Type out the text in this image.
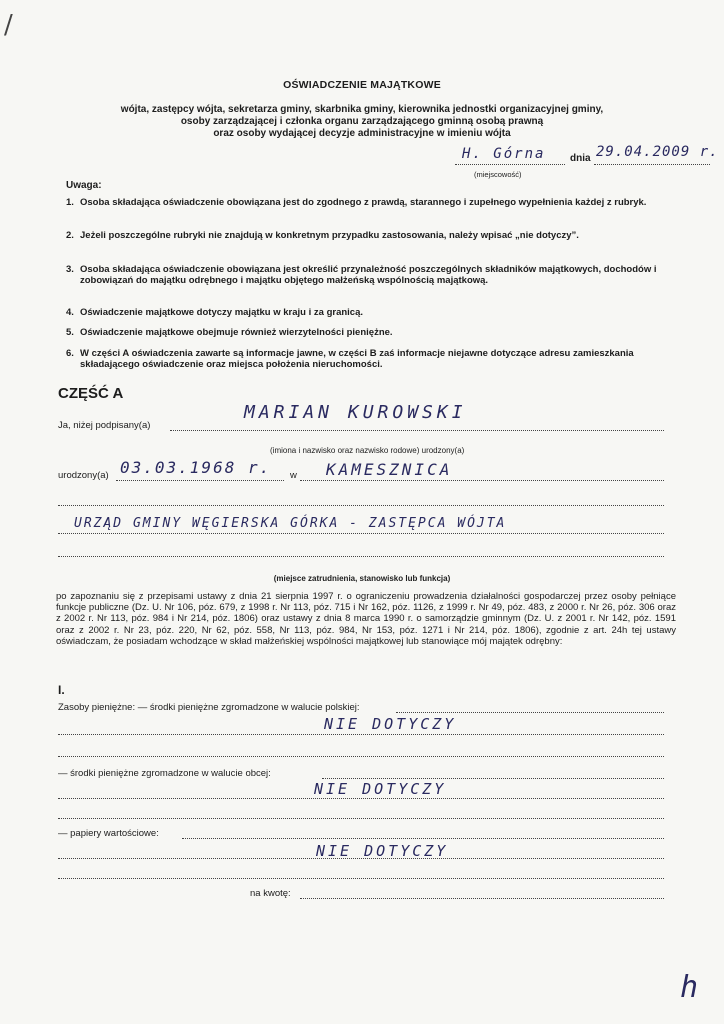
/
OŚWIADCZENIE MAJĄTKOWE
wójta, zastępcy wójta, sekretarza gminy, skarbnika gminy, kierownika jednostki organizacyjnej gminy,
osoby zarządzającej i członka organu zarządzającego gminną osobą prawną
oraz osoby wydającej decyzje administracyjne w imieniu wójta
H. Górna dnia 29.04.2009 r.
(miejscowość)
Uwaga:
1. Osoba składająca oświadczenie obowiązana jest do zgodnego z prawdą, starannego i zupełnego wypełnienia każdej z rubryk.
2. Jeżeli poszczególne rubryki nie znajdują w konkretnym przypadku zastosowania, należy wpisać „nie dotyczy”.
3. Osoba składająca oświadczenie obowiązana jest określić przynależność poszczególnych składników majątkowych, dochodów i zobowiązań do majątku odrębnego i majątku objętego małżeńską wspólnością majątkową.
4. Oświadczenie majątkowe dotyczy majątku w kraju i za granicą.
5. Oświadczenie majątkowe obejmuje również wierzytelności pieniężne.
6. W części A oświadczenia zawarte są informacje jawne, w części B zaś informacje niejawne dotyczące adresu zamieszkania składającego oświadczenie oraz miejsca położenia nieruchomości.
CZĘŚĆ A
Ja, niżej podpisany(a)
MARIAN KUROWSKI
(imiona i nazwisko oraz nazwisko rodowe) urodzony(a)
urodzony(a) 03.03.1968 r. w KAMESZNICA
URZĄD GMINY WĘGIERSKA GÓRKA - ZASTĘPCA WÓJTA
(miejsce zatrudnienia, stanowisko lub funkcja)
po zapoznaniu się z przepisami ustawy z dnia 21 sierpnia 1997 r. o ograniczeniu prowadzenia działalności gospodarczej przez osoby pełniące funkcje publiczne (Dz. U. Nr 106, póz. 679, z 1998 r. Nr 113, póz. 715 i Nr 162, póz. 1126, z 1999 r. Nr 49, póz. 483, z 2000 r. Nr 26, póz. 306 oraz z 2002 r. Nr 113, póz. 984 i Nr 214, póz. 1806) oraz ustawy z dnia 8 marca 1990 r. o samorządzie gminnym (Dz. U. z 2001 r. Nr 142, póz. 1591 oraz z 2002 r. Nr 23, póz. 220, Nr 62, póz. 558, Nr 113, póz. 984, Nr 153, póz. 1271 i Nr 214, póz. 1806), zgodnie z art. 24h tej ustawy oświadczam, że posiadam wchodzące w skład małżeńskiej wspólności majątkowej lub stanowiące mój majątek odrębny:
I.
Zasoby pieniężne: — środki pieniężne zgromadzone w walucie polskiej:
NIE DOTYCZY
— środki pieniężne zgromadzone w walucie obcej:
NIE DOTYCZY
— papiery wartościowe:
NIE DOTYCZY
na kwotę:
h
